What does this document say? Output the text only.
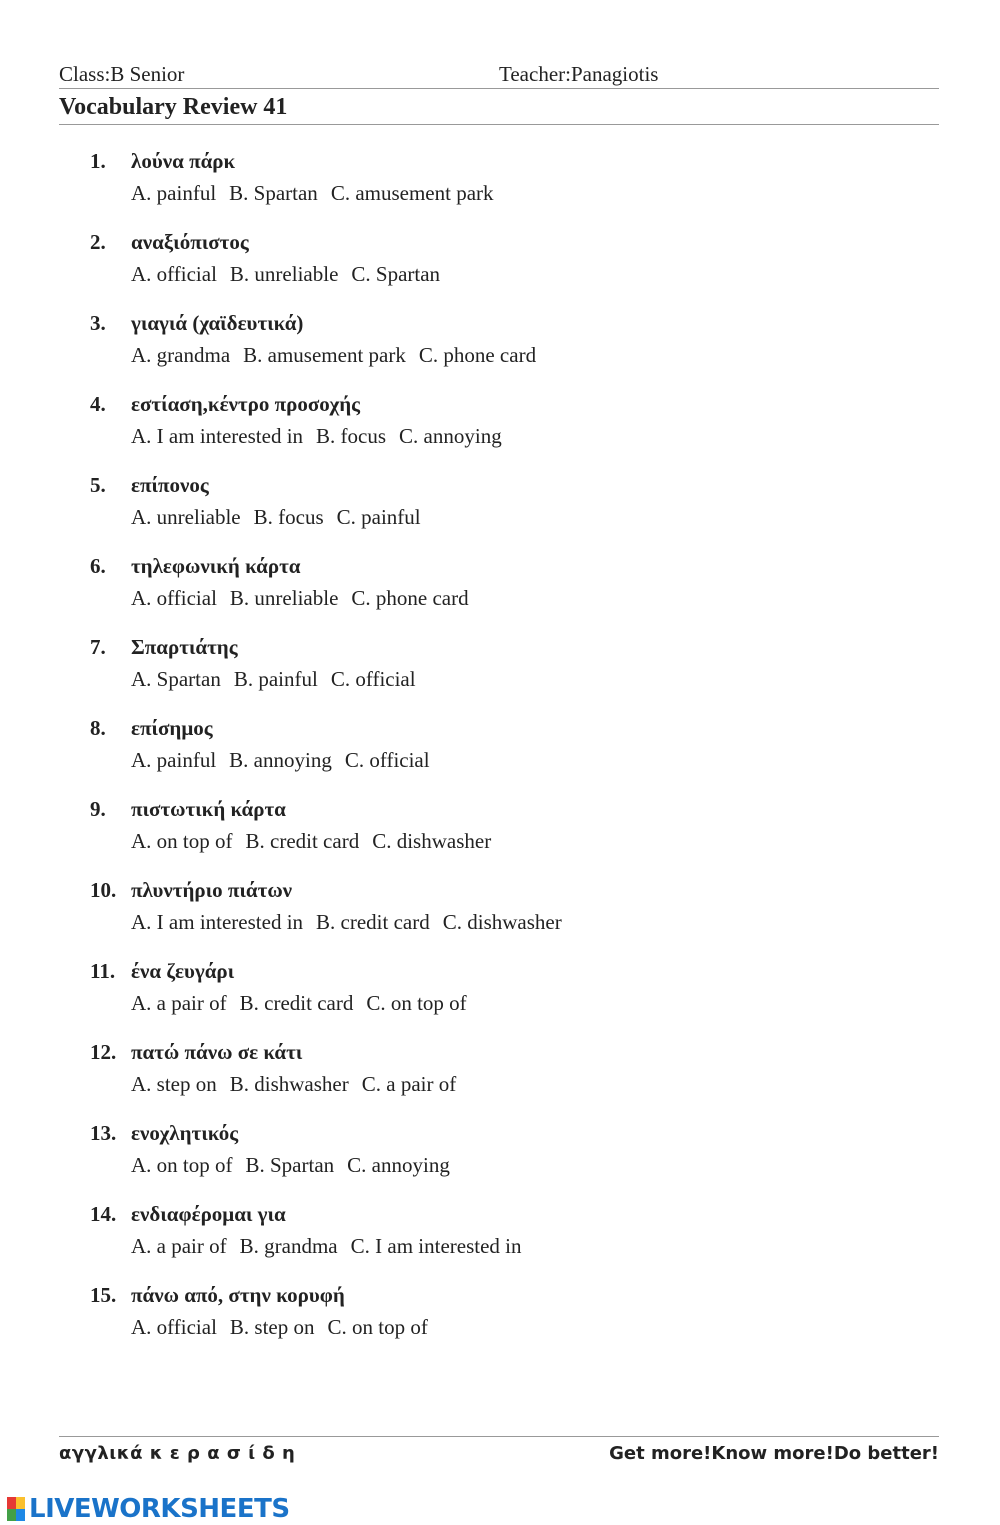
Class:B Senior	Teacher:Panagiotis
Vocabulary Review 41
1. λούνα πάρκ
A. painful B. Spartan C. amusement park
2. αναξιόπιστος
A. official B. unreliable C. Spartan
3. γιαγιά (χαϊδευτικά)
A. grandma B. amusement park C. phone card
4. εστίαση,κέντρο προσοχής
A. I am interested in B. focus C. annoying
5. επίπονος
A. unreliable B. focus C. painful
6. τηλεφωνική κάρτα
A. official B. unreliable C. phone card
7. Σπαρτιάτης
A. Spartan B. painful C. official
8. επίσημος
A. painful B. annoying C. official
9. πιστωτική κάρτα
A. on top of B. credit card C. dishwasher
10. πλυντήριο πιάτων
A. I am interested in B. credit card C. dishwasher
11. ένα ζευγάρι
A. a pair of B. credit card C. on top of
12. πατώ πάνω σε κάτι
A. step on B. dishwasher C. a pair of
13. ενοχλητικός
A. on top of B. Spartan C. annoying
14. ενδιαφέρομαι για
A. a pair of B. grandma C. I am interested in
15. πάνω από, στην κορυφή
A. official B. step on C. on top of
αγγλικά κ ε ρ α σ ί δ η	Get more!Know more!Do better!
LIVEWORKSHEETS
